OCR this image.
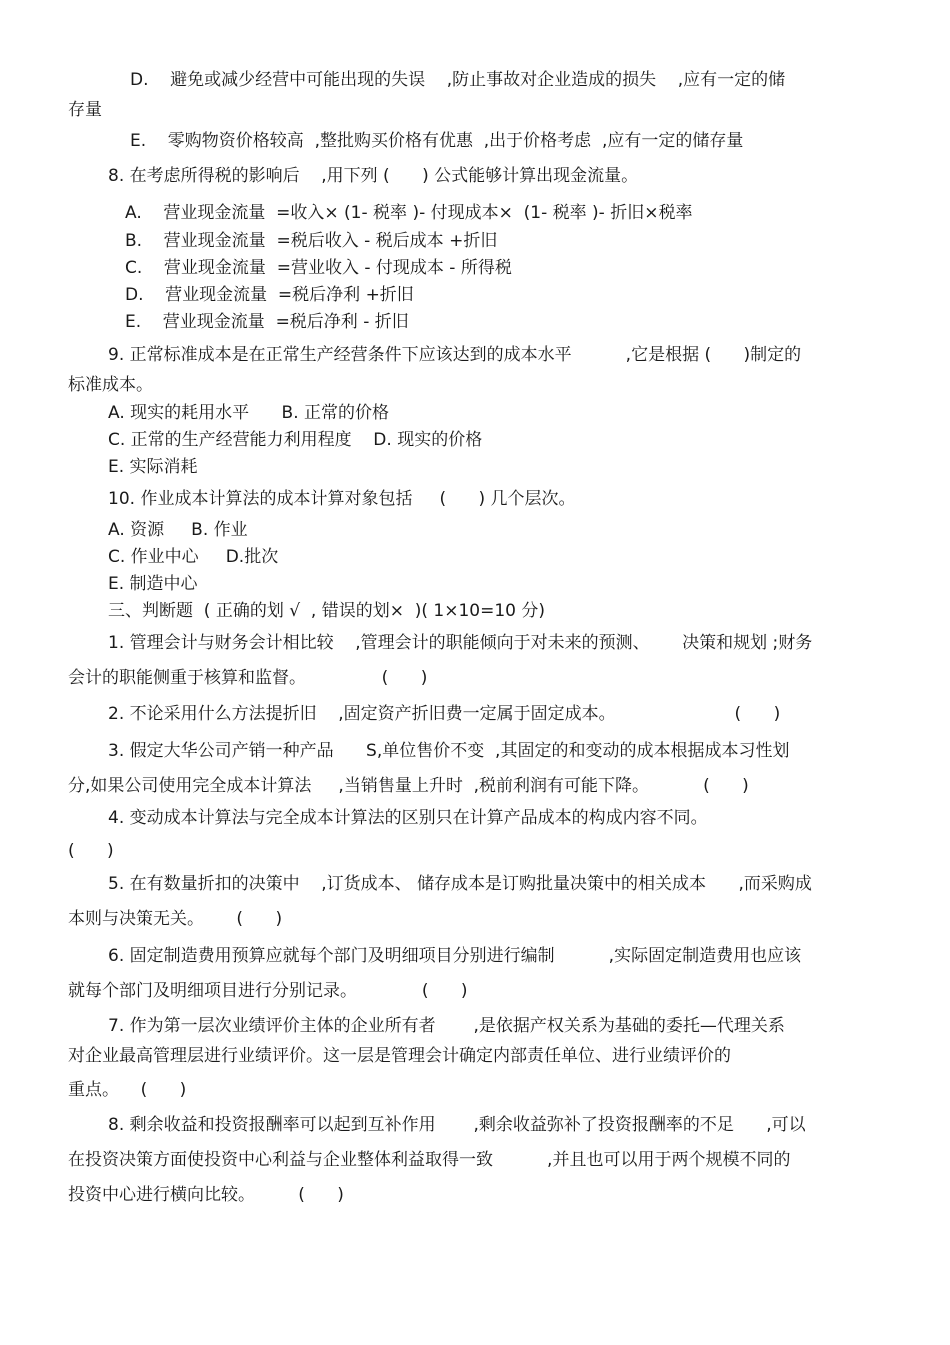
D.    避免或减少经营中可能出现的失误    ,防止事故对企业造成的损失    ,应有一定的储
存量
E.    零购物资价格较高  ,整批购买价格有优惠  ,出于价格考虑  ,应有一定的储存量
8. 在考虑所得税的影响后    ,用下列 (      ) 公式能够计算出现金流量。
A.    营业现金流量  =收入× (1- 税率 )- 付现成本×  (1- 税率 )- 折旧×税率
B.    营业现金流量  =税后收入 - 税后成本 +折旧
C.    营业现金流量  =营业收入 - 付现成本 - 所得税
D.    营业现金流量  =税后净利 +折旧
E.    营业现金流量  =税后净利 - 折旧
9. 正常标准成本是在正常生产经营条件下应该达到的成本水平          ,它是根据 (      )制定的
标准成本。
A. 现实的耗用水平      B. 正常的价格
C. 正常的生产经营能力利用程度    D. 现实的价格
E. 实际消耗
10. 作业成本计算法的成本计算对象包括     (      ) 几个层次。
A. 资源     B. 作业
C. 作业中心     D.批次
E. 制造中心
三、判断题  ( 正确的划 √  , 错误的划×  )( 1×10=10 分)
1. 管理会计与财务会计相比较    ,管理会计的职能倾向于对未来的预测、      决策和规划 ;财务
会计的职能侧重于核算和监督。              (      )
2. 不论采用什么方法提折旧    ,固定资产折旧费一定属于固定成本。                      (      )
3. 假定大华公司产销一种产品      S,单位售价不变  ,其固定的和变动的成本根据成本习性划
分,如果公司使用完全成本计算法     ,当销售量上升时  ,税前利润有可能下降。          (      )
4. 变动成本计算法与完全成本计算法的区别只在计算产品成本的构成内容不同。
(      )
5. 在有数量折扣的决策中    ,订货成本、 储存成本是订购批量决策中的相关成本      ,而采购成
本则与决策无关。      (      )
6. 固定制造费用预算应就每个部门及明细项目分别进行编制          ,实际固定制造费用也应该
就每个部门及明细项目进行分别记录。            (      )
7. 作为第一层次业绩评价主体的企业所有者       ,是依据产权关系为基础的委托—代理关系
对企业最高管理层进行业绩评价。这一层是管理会计确定内部责任单位、进行业绩评价的
重点。    (      )
8. 剩余收益和投资报酬率可以起到互补作用       ,剩余收益弥补了投资报酬率的不足      ,可以
在投资决策方面使投资中心利益与企业整体利益取得一致          ,并且也可以用于两个规模不同的
投资中心进行横向比较。        (      )
